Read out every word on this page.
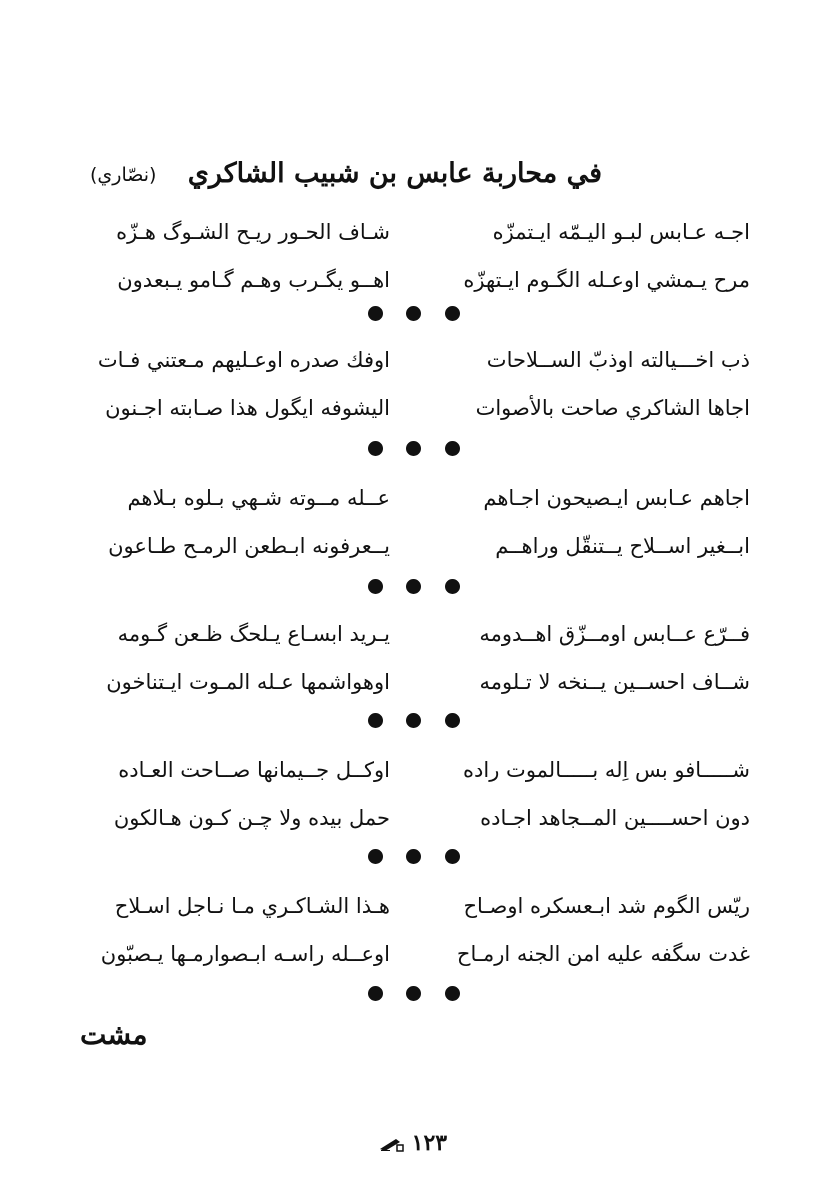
في محاربة عابس بن شبيب الشاكري
(نصّاري)
اجـه عـابس لبـو اليـمّه ايـتمزّه
شـاف الحـور ريـح الشـوگ هـزّه
مرح يـمشي اوعـله الگـوم ايـتهزّه
اهــو يگـرب وهـم گـامو يـبعدون
ذب اخـــيالته اوذبّ الســلاحات
اوفك صدره اوعـليهم مـعتني فـات
اجاها الشاكري صاحت بالأصوات
اليشوفه ايگول هذا صـابته اجـنون
اجاهم عـابس ايـصيحون اجـاهم
عــله مــوته شـهي بـلوه بـلاهم
ابــغير اســلاح يــتنقّل وراهــم
يــعرفونه ابـطعن الرمـح طـاعون
فــرّع عــابس اومــزّق اهــدومه
يـريد ابسـاع يـلحگ ظـعن گـومه
شــاف احســين يــنخه لا تـلومه
اوهواشمها عـله المـوت ايـتناخون
شـــــافو بس اِله بـــــالموت راده
اوكــل جــيمانها صــاحت العـاده
دون احســــين المــجاهد اجـاده
حمل بيده ولا چـن كـون هـالكون
ريّس الگوم شد ابـعسكره اوصـاح
هـذا الشـاكـري مـا نـاجل اسـلاح
غدت سگفه عليه امن الجنه ارمـاح
اوعــله راسـه ابـصوارمـها يـصبّون
مشت
١٢٣
